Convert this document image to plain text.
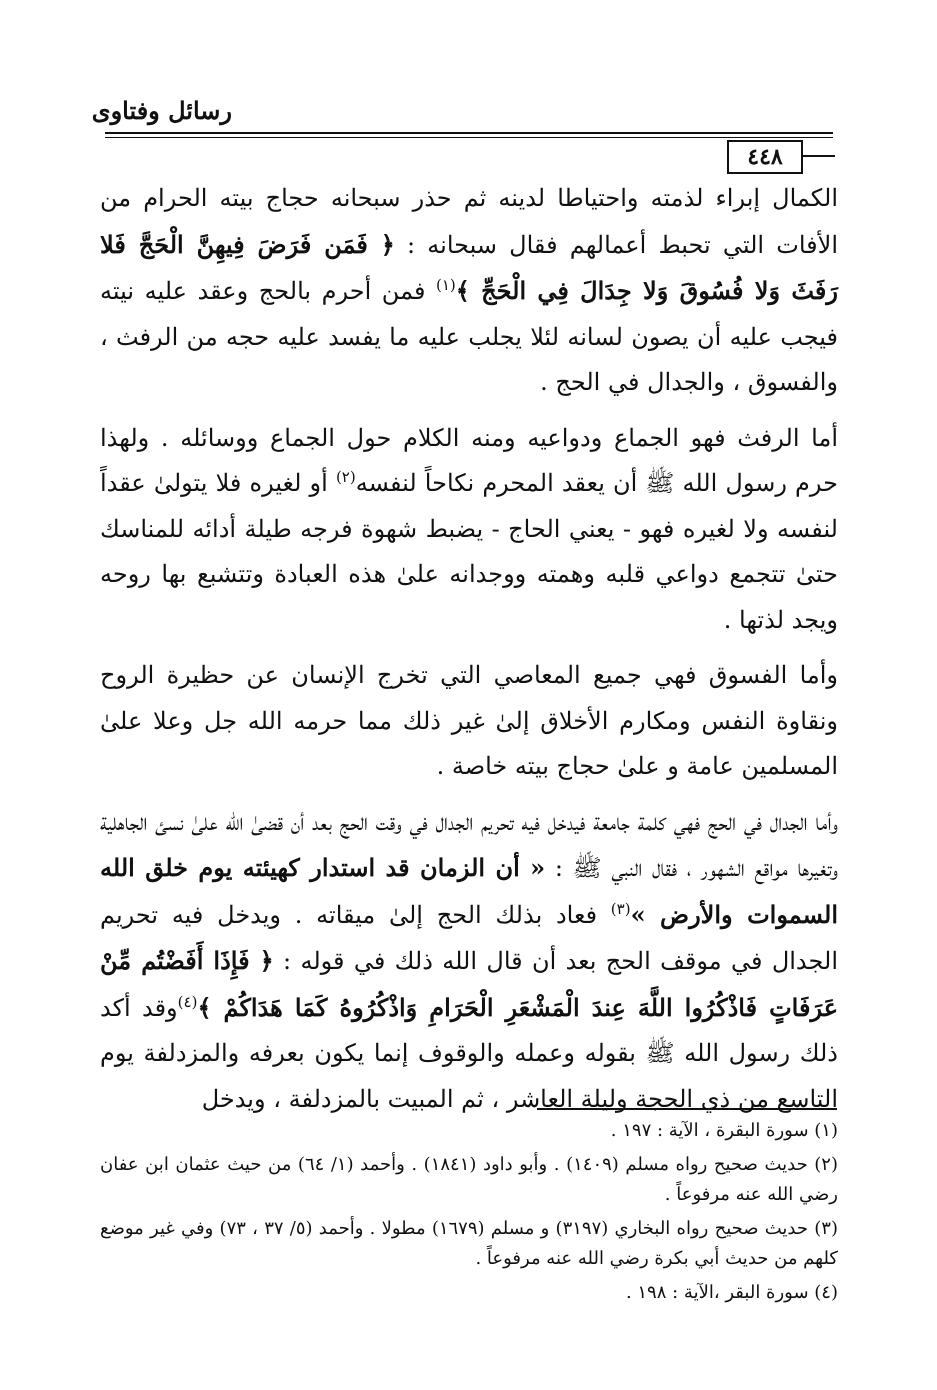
رسائل وفتاوى
٤٤٨

الكمال إبراء لذمته واحتياطا لدينه ثم حذر سبحانه حجاج بيته الحرام من الأفات التي تحبط أعمالهم فقال سبحانه : ﴿ فَمَن فَرَضَ فِيهِنَّ الْحَجَّ فَلا رَفَثَ وَلا فُسُوقَ وَلا جِدَالَ فِي الْحَجِّ ﴾$^{(١)}$ فمن أحرم بالحج وعقد عليه نيته فيجب عليه أن يصون لسانه لئلا يجلب عليه ما يفسد عليه حجه من الرفث ، والفسوق ، والجدال في الحج .

أما الرفث فهو الجماع ودواعيه ومنه الكلام حول الجماع ووسائله . ولهذا حرم رسول الله ﷺ أن يعقد المحرم نكاحاً لنفسه$^{(٢)}$ أو لغيره فلا يتولىٰ عقداً لنفسه ولا لغيره فهو - يعني الحاج - يضبط شهوة فرجه طيلة أدائه للمناسك حتىٰ تتجمع دواعي قلبه وهمته ووجدانه علىٰ هذه العبادة وتتشبع بها روحه ويجد لذتها .

وأما الفسوق فهي جميع المعاصي التي تخرج الإنسان عن حظيرة الروح ونقاوة النفس ومكارم الأخلاق إلىٰ غير ذلك مما حرمه الله جل وعلا علىٰ المسلمين عامة و علىٰ حجاج بيته خاصة .

وأما الجدال في الحج فهي كلمة جامعة فيدخل فيه تحريم الجدال في وقت الحج بعد أن قضىٰ الله علىٰ نسئ الجاهلية وتغيرها مواقع الشهور ، فقال النبي ﷺ : « أن الزمان قد استدار كهيئته يوم خلق الله السموات والأرض »$^{(٣)}$ فعاد بذلك الحج إلىٰ ميقاته . ويدخل فيه تحريم الجدال في موقف الحج بعد أن قال الله ذلك في قوله : ﴿ فَإِذَا أَفَضْتُم مِّنْ عَرَفَاتٍ فَاذْكُرُوا اللَّهَ عِندَ الْمَشْعَرِ الْحَرَامِ وَاذْكُرُوهُ كَمَا هَدَاكُمْ ﴾$^{(٤)}$وقد أكد ذلك رسول الله ﷺ بقوله وعمله والوقوف إنما يكون بعرفه والمزدلفة يوم التاسع من ذي الحجة وليلة العاشر ، ثم المبيت بالمزدلفة ، ويدخل

(١) سورة البقرة ، الآية : ١٩٧ .

(٢) حديث صحيح رواه مسلم (١٤٠٩) . وأبو داود (١٨٤١) . وأحمد (١/ ٦٤) من حيث عثمان ابن عفان رضي الله عنه مرفوعاً .

(٣) حديث صحيح رواه البخاري (٣١٩٧) و مسلم (١٦٧٩) مطولا . وأحمد (٥/ ٣٧ ، ٧٣) وفي غير موضع كلهم من حديث أبي بكرة رضي الله عنه مرفوعاً .

(٤) سورة البقر ،الآية : ١٩٨ .
